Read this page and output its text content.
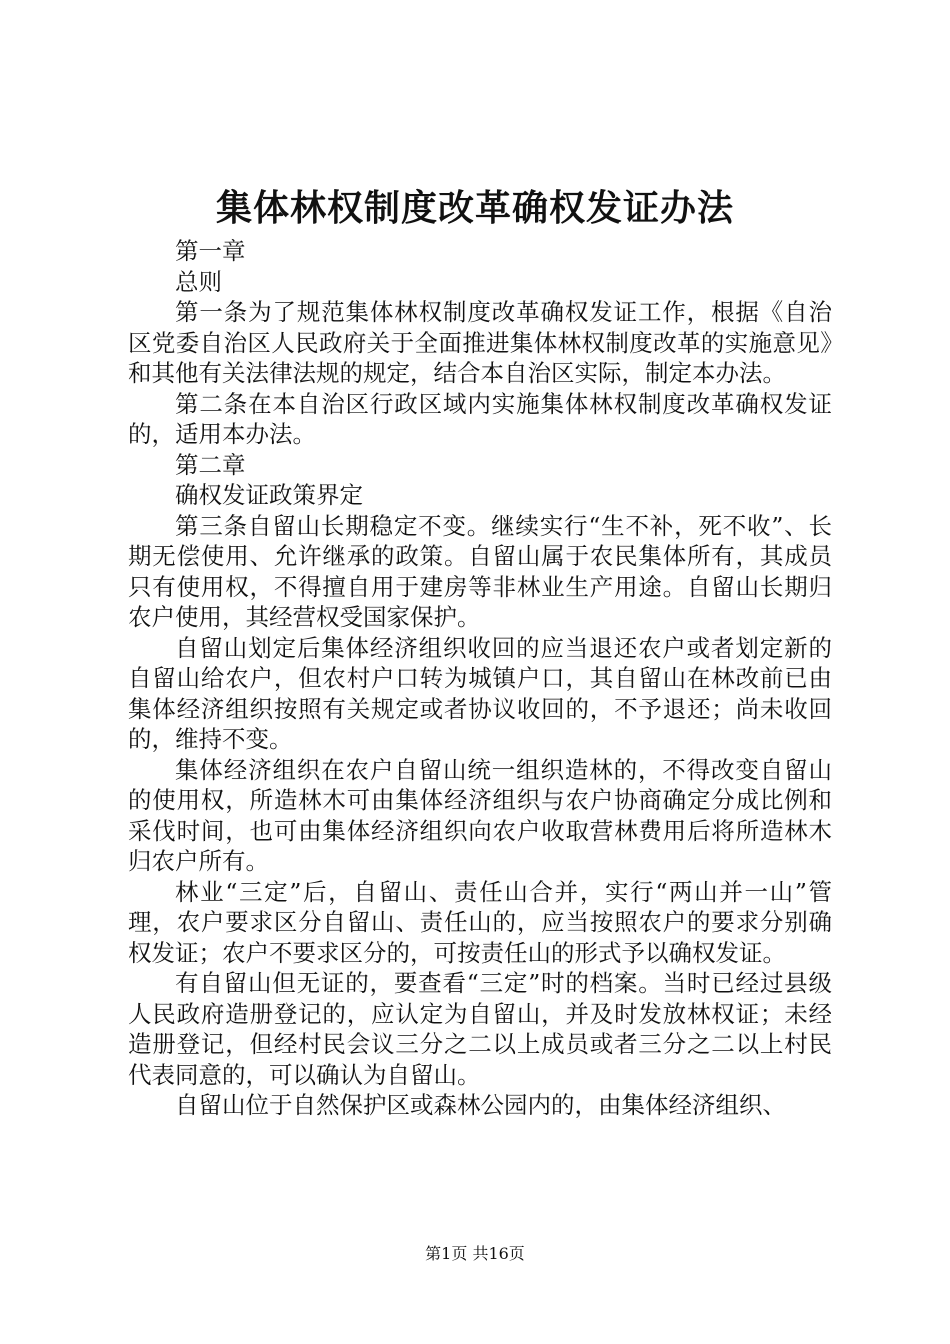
集体林权制度改革确权发证办法

第一章

总则

第一条为了规范集体林权制度改革确权发证工作，根据《自治区党委自治区人民政府关于全面推进集体林权制度改革的实施意见》和其他有关法律法规的规定，结合本自治区实际，制定本办法。

第二条在本自治区行政区域内实施集体林权制度改革确权发证的，适用本办法。

第二章

确权发证政策界定

第三条自留山长期稳定不变。继续实行“生不补，死不收”、长期无偿使用、允许继承的政策。自留山属于农民集体所有，其成员只有使用权，不得擅自用于建房等非林业生产用途。自留山长期归农户使用，其经营权受国家保护。

自留山划定后集体经济组织收回的应当退还农户或者划定新的自留山给农户，但农村户口转为城镇户口，其自留山在林改前已由集体经济组织按照有关规定或者协议收回的，不予退还；尚未收回的，维持不变。

集体经济组织在农户自留山统一组织造林的，不得改变自留山的使用权，所造林木可由集体经济组织与农户协商确定分成比例和采伐时间，也可由集体经济组织向农户收取营林费用后将所造林木归农户所有。

林业“三定”后，自留山、责任山合并，实行“两山并一山”管理，农户要求区分自留山、责任山的，应当按照农户的要求分别确权发证；农户不要求区分的，可按责任山的形式予以确权发证。

有自留山但无证的，要查看“三定”时的档案。当时已经过县级人民政府造册登记的，应认定为自留山，并及时发放林权证；未经造册登记，但经村民会议三分之二以上成员或者三分之二以上村民代表同意的，可以确认为自留山。

自留山位于自然保护区或森林公园内的，由集体经济组织、

第1页 共16页
